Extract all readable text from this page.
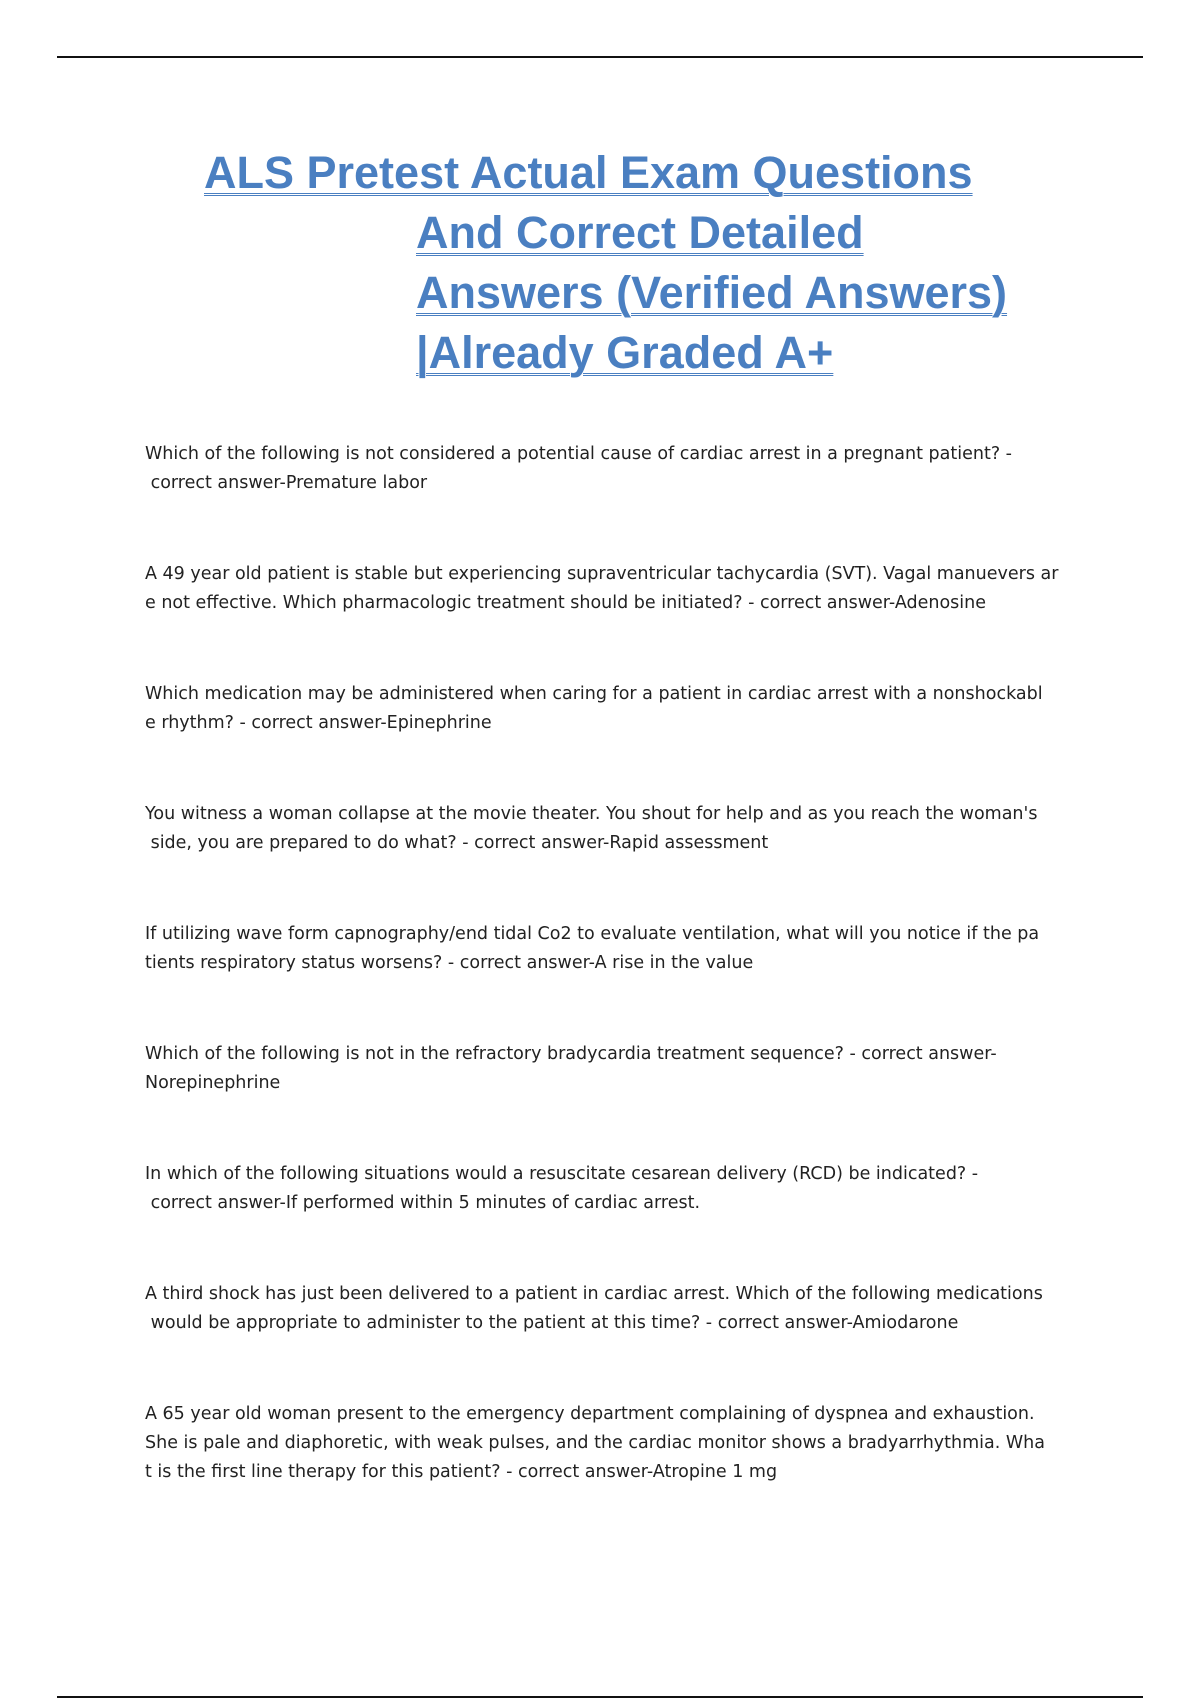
ALS Pretest Actual Exam Questions
And Correct Detailed
Answers (Verified Answers)
|Already Graded A+

Which of the following is not considered a potential cause of cardiac arrest in a pregnant patient? -
correct answer-Premature labor

A 49 year old patient is stable but experiencing supraventricular tachycardia (SVT). Vagal manuevers ar
e not effective. Which pharmacologic treatment should be initiated? - correct answer-Adenosine

Which medication may be administered when caring for a patient in cardiac arrest with a nonshockabl
e rhythm? - correct answer-Epinephrine

You witness a woman collapse at the movie theater. You shout for help and as you reach the woman's
side, you are prepared to do what? - correct answer-Rapid assessment

If utilizing wave form capnography/end tidal Co2 to evaluate ventilation, what will you notice if the pa
tients respiratory status worsens? - correct answer-A rise in the value

Which of the following is not in the refractory bradycardia treatment sequence? - correct answer-
Norepinephrine

In which of the following situations would a resuscitate cesarean delivery (RCD) be indicated? -
correct answer-If performed within 5 minutes of cardiac arrest.

A third shock has just been delivered to a patient in cardiac arrest. Which of the following medications
would be appropriate to administer to the patient at this time? - correct answer-Amiodarone

A 65 year old woman present to the emergency department complaining of dyspnea and exhaustion.
She is pale and diaphoretic, with weak pulses, and the cardiac monitor shows a bradyarrhythmia. Wha
t is the first line therapy for this patient? - correct answer-Atropine 1 mg
